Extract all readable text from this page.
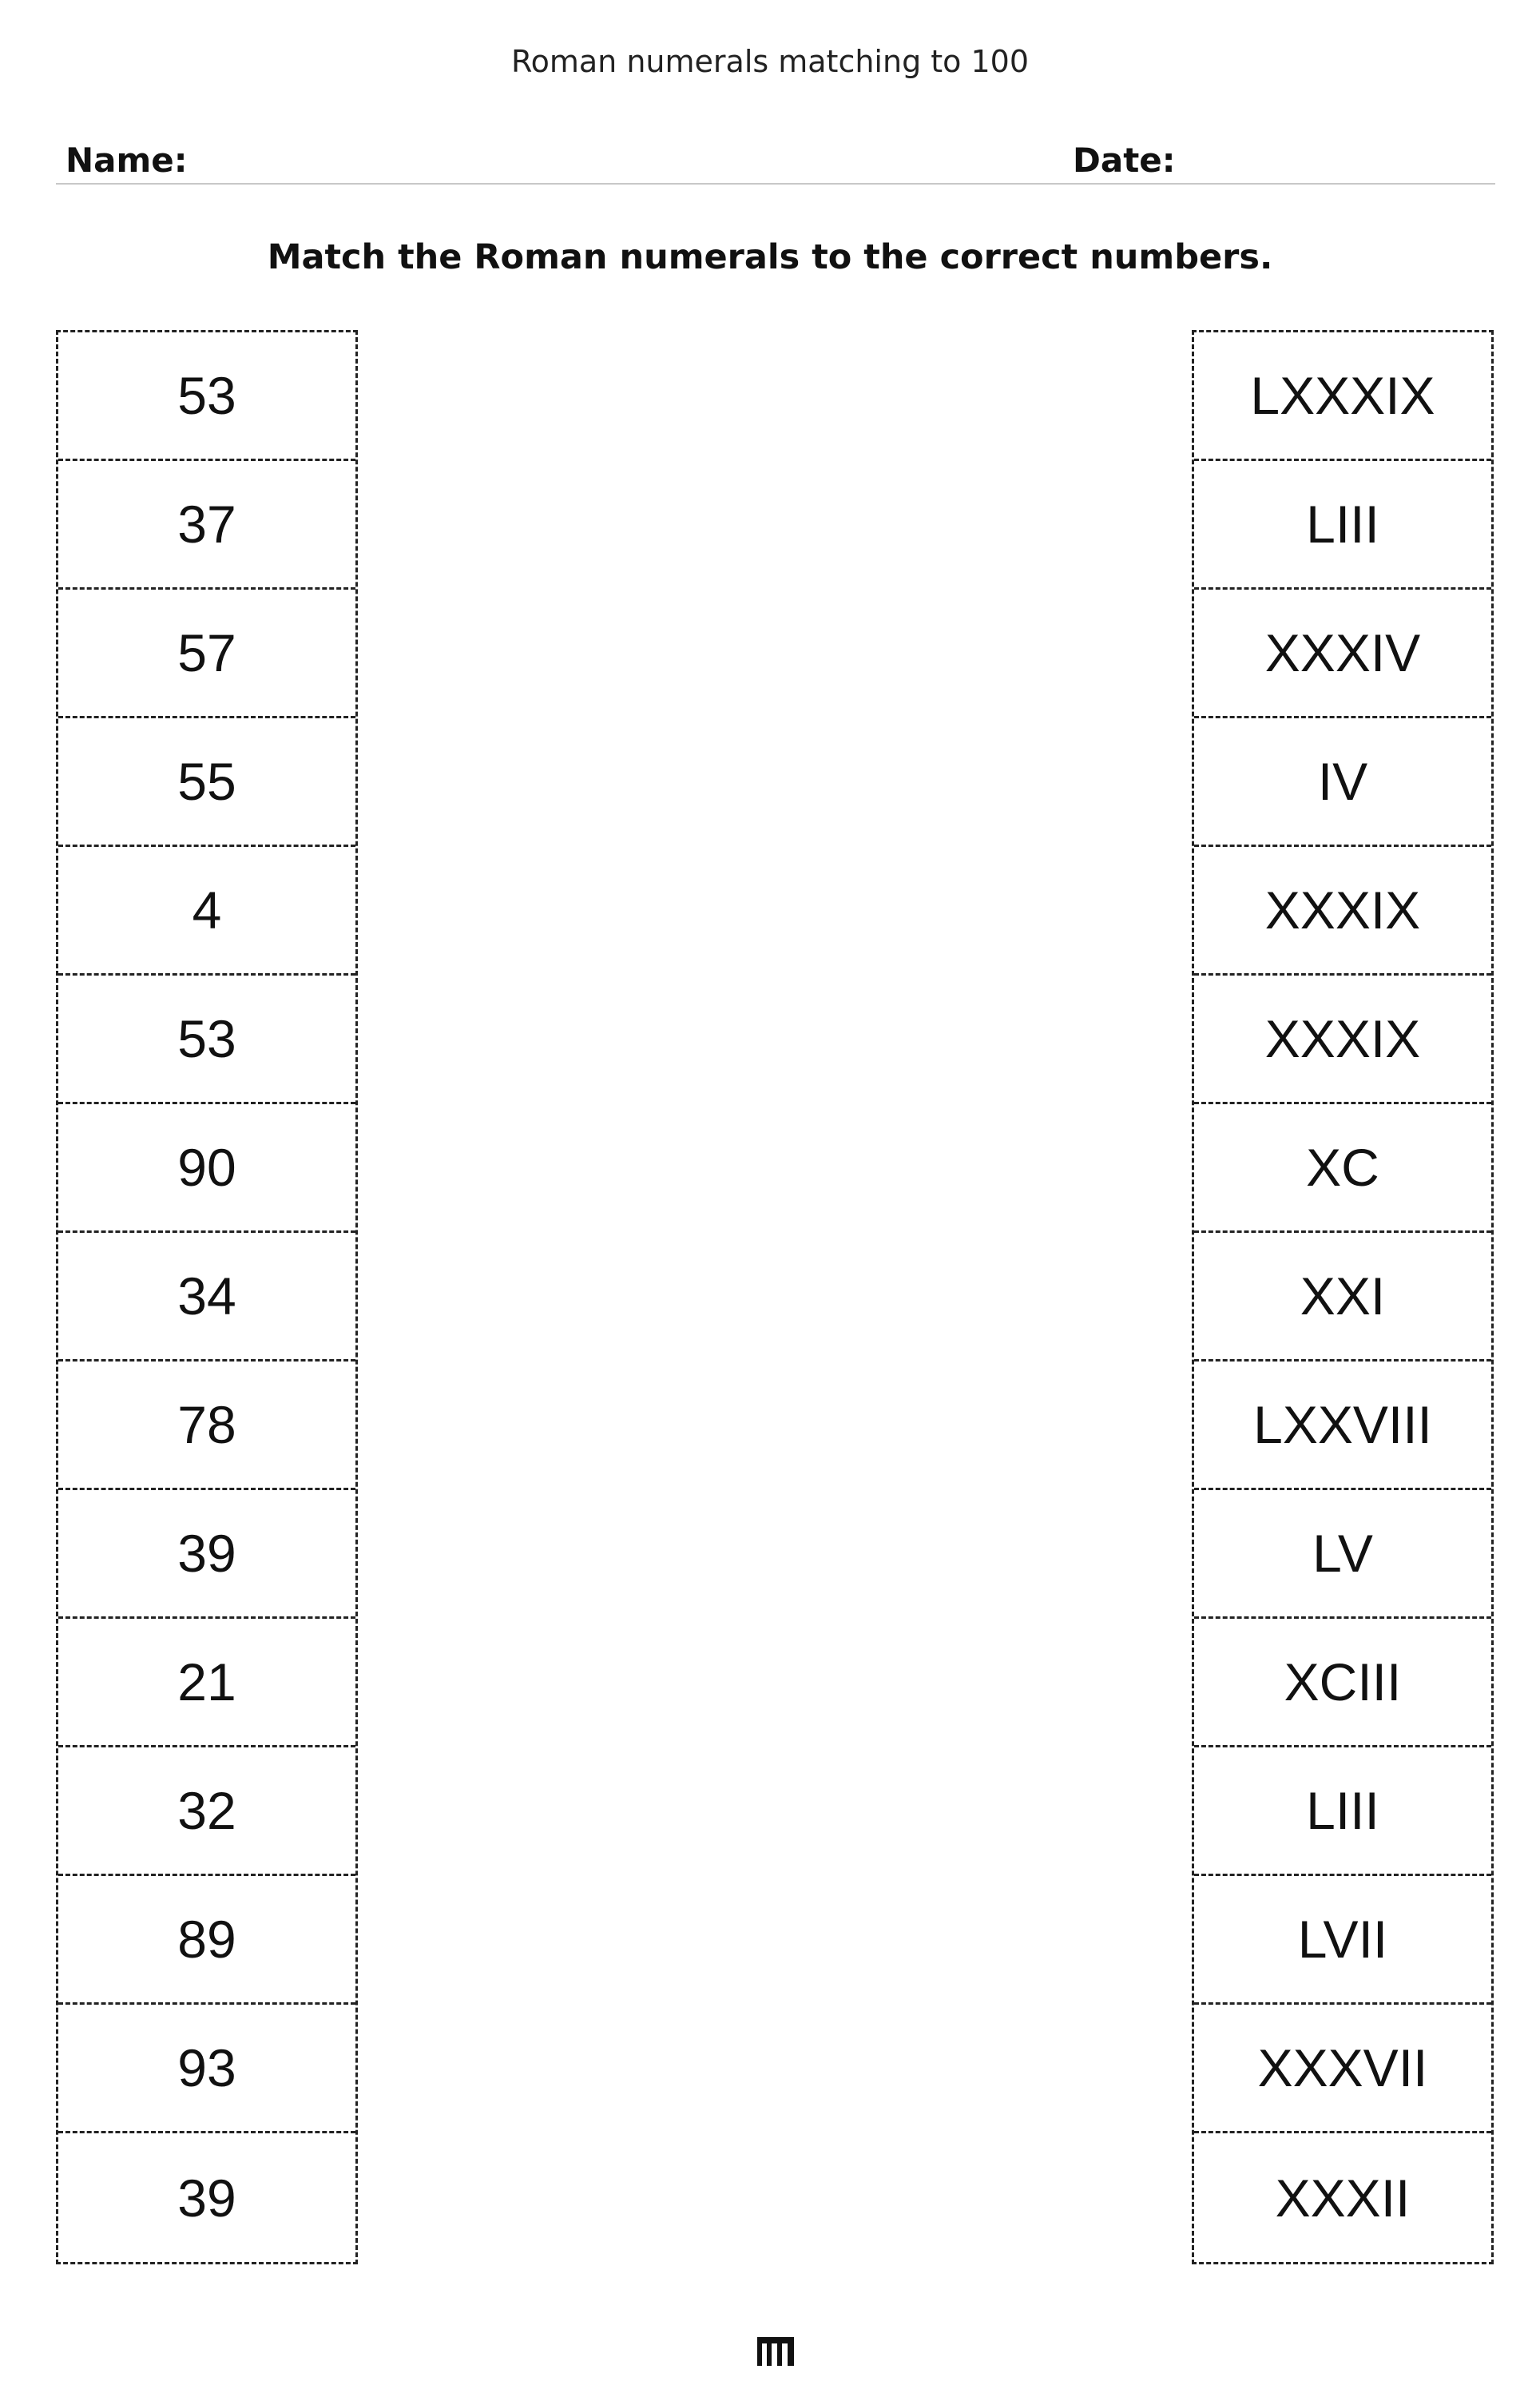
Roman numerals matching to 100
Name:	Date:
Match the Roman numerals to the correct numbers.
53
37
57
55
4
53
90
34
78
39
21
32
89
93
39
LXXXIX
LIII
XXXIV
IV
XXXIX
XXXIX
XC
XXI
LXXVIII
LV
XCIII
LIII
LVII
XXXVII
XXXII
